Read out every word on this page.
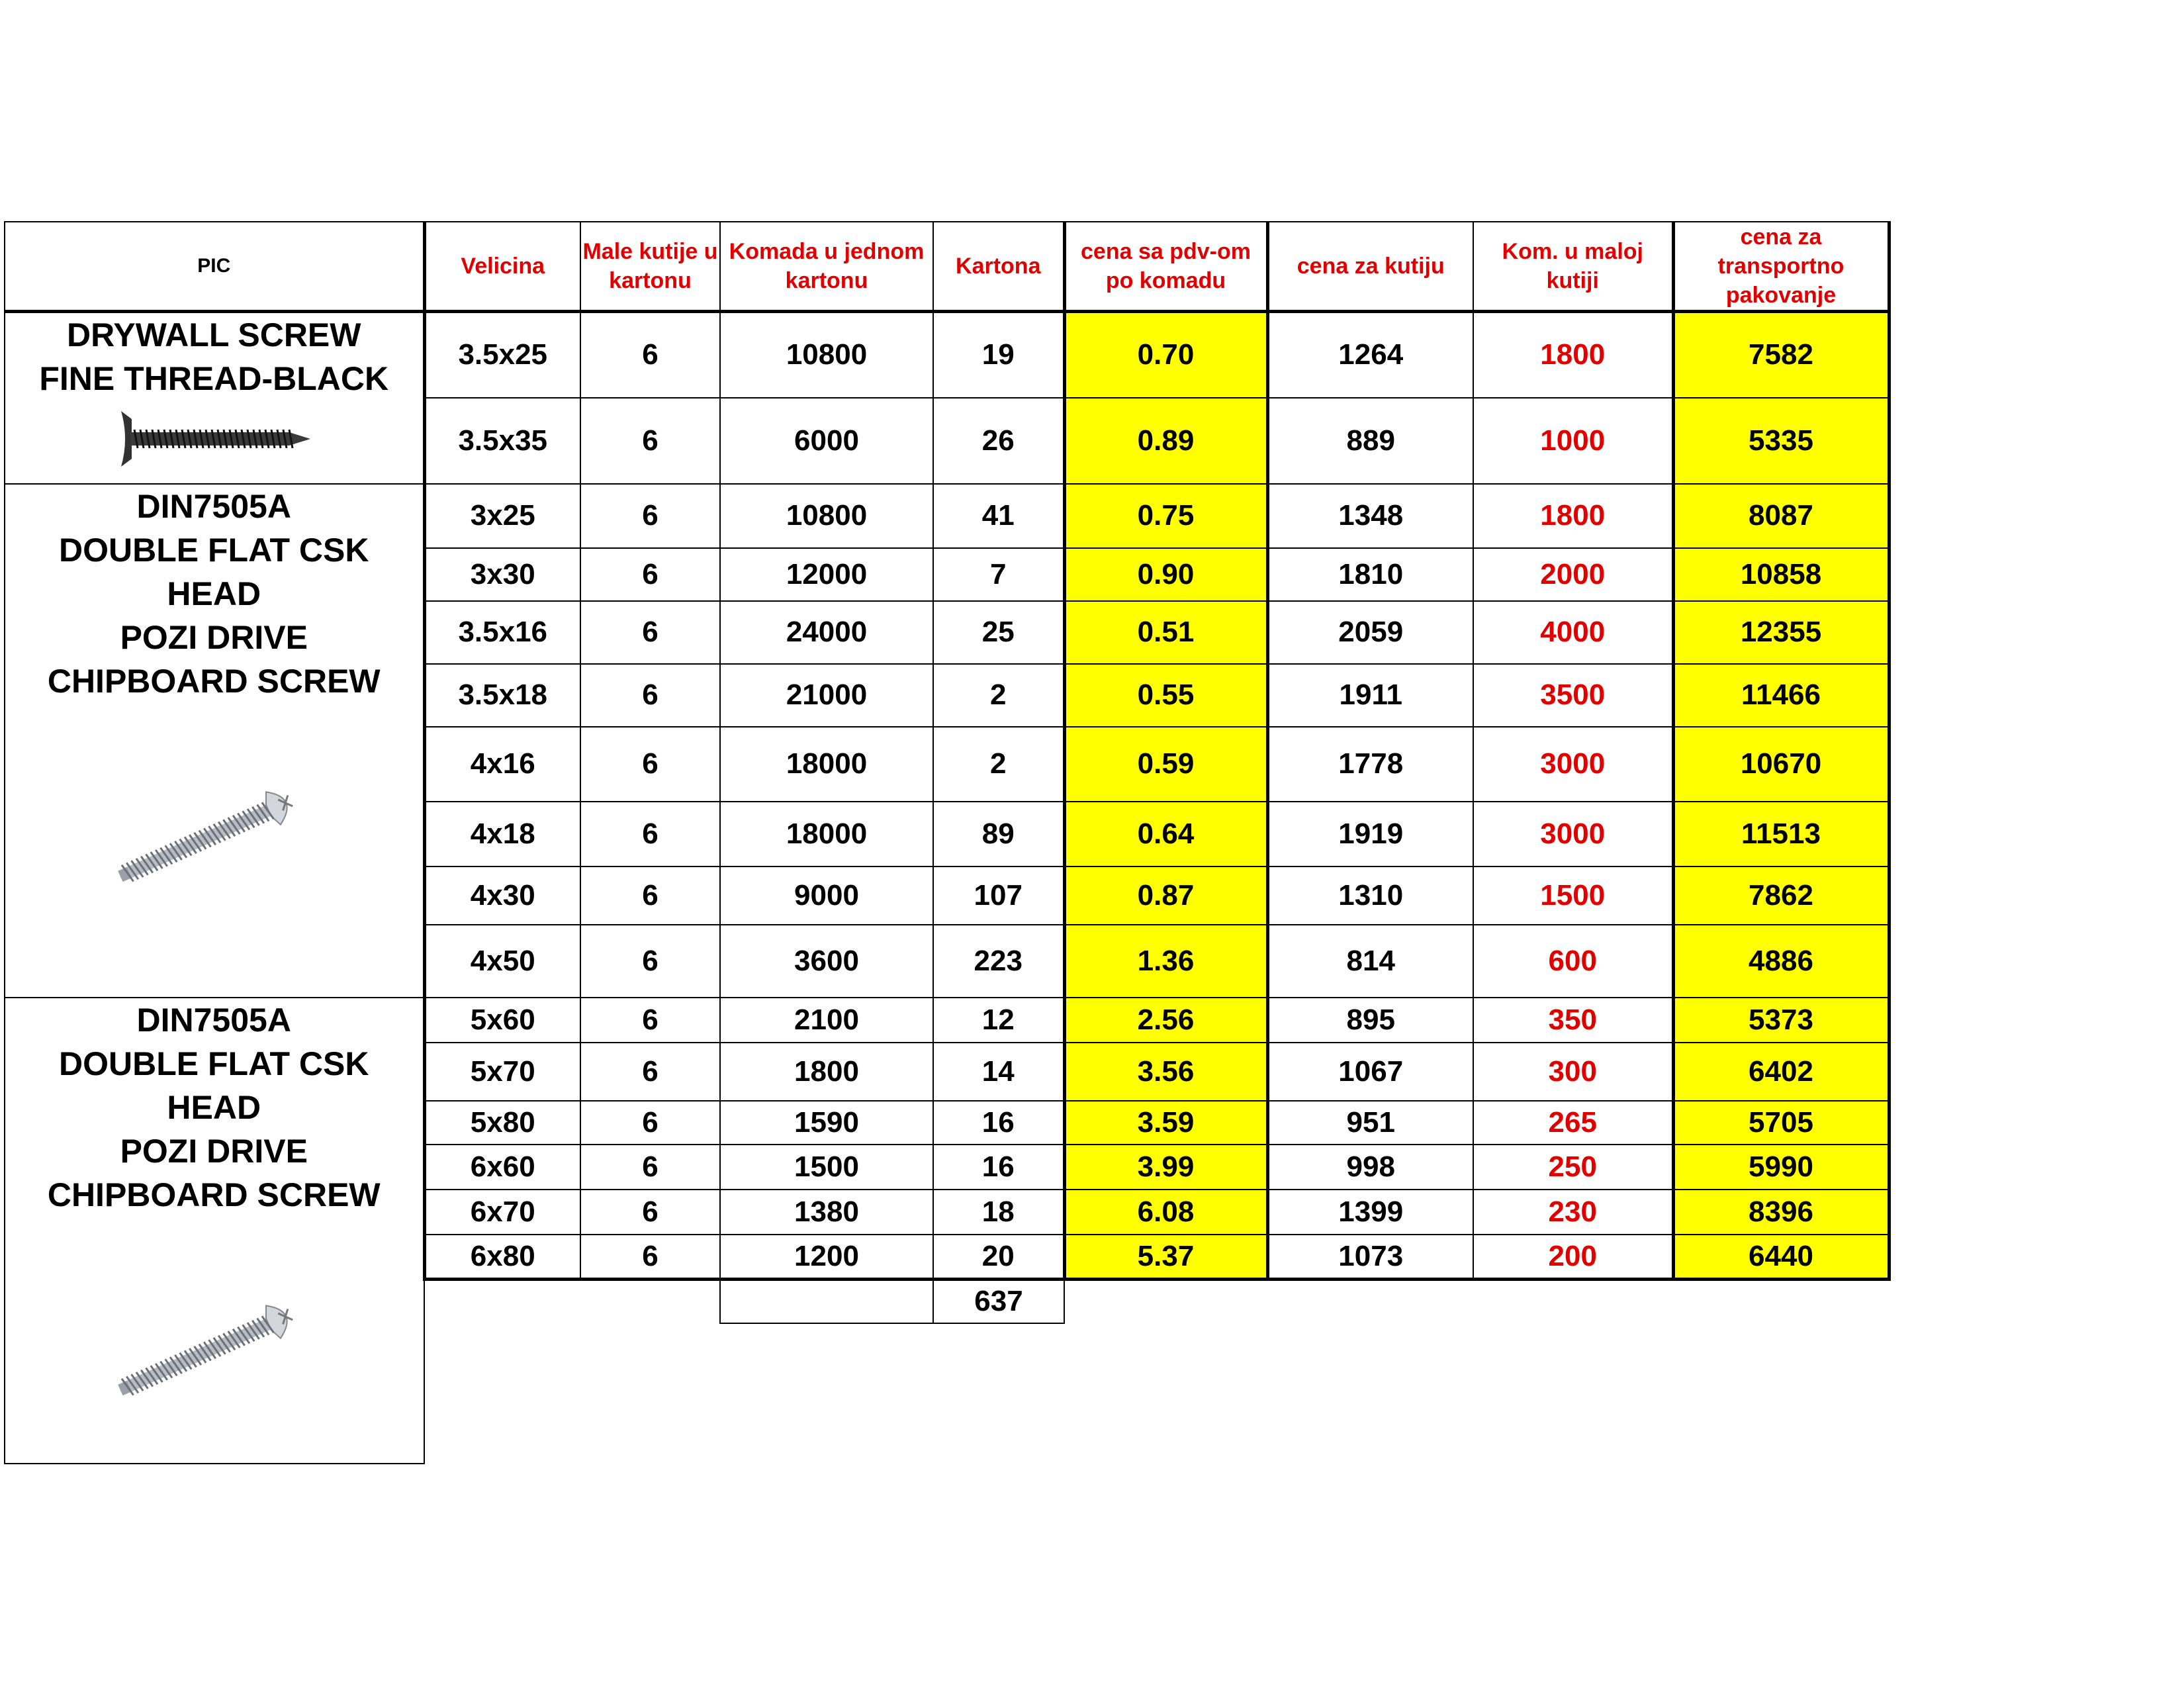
PIC	Velicina	Male kutije u kartonu	Komada u jednom kartonu	Kartona	cena sa pdv-om po komadu	cena za kutiju	Kom. u maloj kutiji	cena za transportno pakovanje

DRYWALL SCREW
FINE THREAD-BLACK	3.5x25	6	10800	19	0.70	1264	1800	7582
	3.5x35	6	6000	26	0.89	889	1000	5335

DIN7505A
DOUBLE FLAT CSK
HEAD
POZI DRIVE
CHIPBOARD SCREW	3x25	6	10800	41	0.75	1348	1800	8087
	3x30	6	12000	7	0.90	1810	2000	10858
	3.5x16	6	24000	25	0.51	2059	4000	12355
	3.5x18	6	21000	2	0.55	1911	3500	11466
	4x16	6	18000	2	0.59	1778	3000	10670
	4x18	6	18000	89	0.64	1919	3000	11513
	4x30	6	9000	107	0.87	1310	1500	7862
	4x50	6	3600	223	1.36	814	600	4886

DIN7505A
DOUBLE FLAT CSK
HEAD
POZI DRIVE
CHIPBOARD SCREW	5x60	6	2100	12	2.56	895	350	5373
	5x70	6	1800	14	3.56	1067	300	6402
	5x80	6	1590	16	3.59	951	265	5705
	6x60	6	1500	16	3.99	998	250	5990
	6x70	6	1380	18	6.08	1399	230	8396
	6x80	6	1200	20	5.37	1073	200	6440
				637				
